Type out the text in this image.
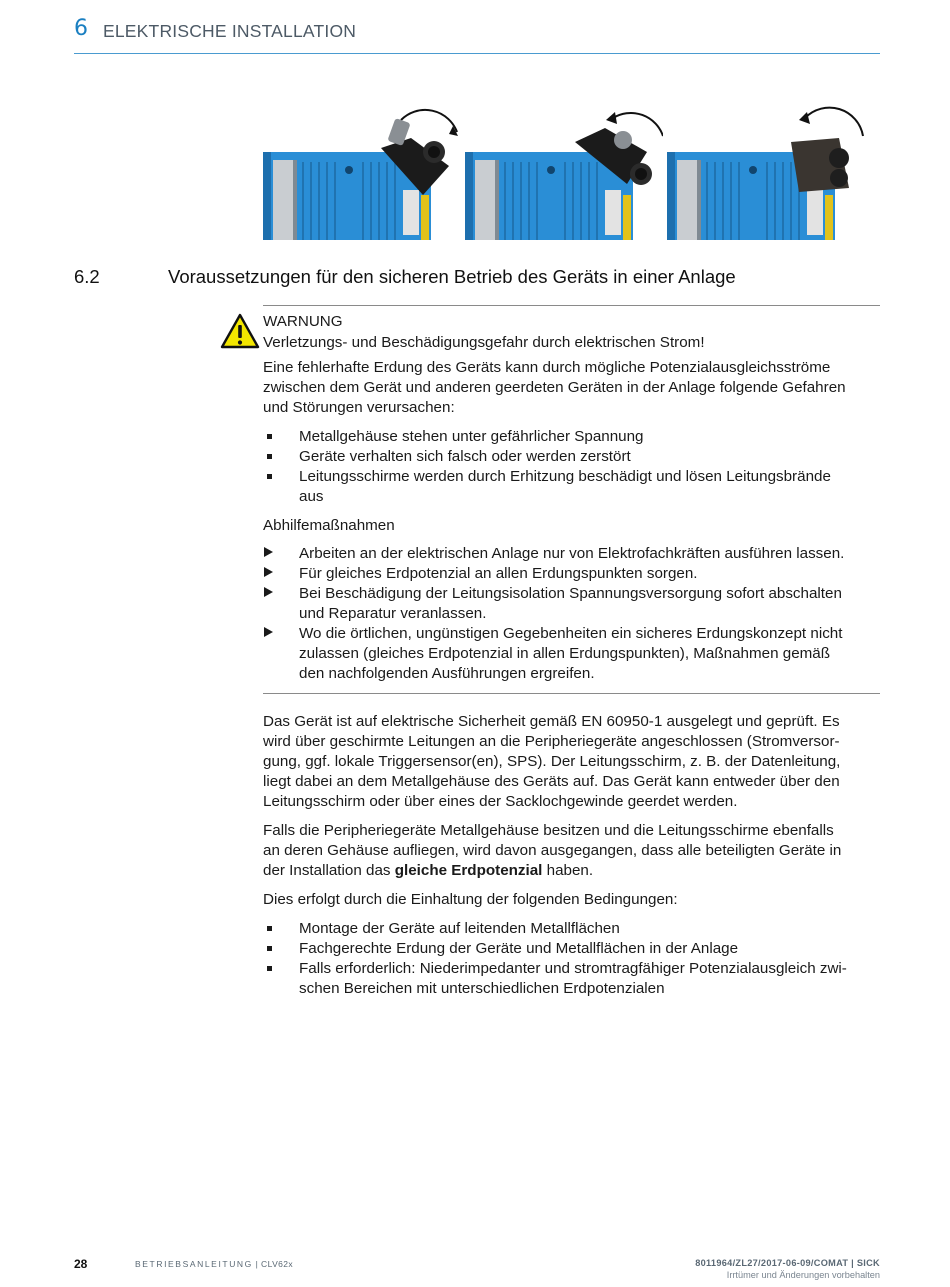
6 ELEKTRISCHE INSTALLATION
6.2	Voraussetzungen für den sicheren Betrieb des Geräts in einer Anlage
WARNUNG
Verletzungs- und Beschädigungsgefahr durch elektrischen Strom!
Eine fehlerhafte Erdung des Geräts kann durch mögliche Potenzialausgleichsströme
zwischen dem Gerät und anderen geerdeten Geräten in der Anlage folgende Gefahren
und Störungen verursachen:
Metallgehäuse stehen unter gefährlicher Spannung
Geräte verhalten sich falsch oder werden zerstört
Leitungsschirme werden durch Erhitzung beschädigt und lösen Leitungsbrände
aus
Abhilfemaßnahmen
Arbeiten an der elektrischen Anlage nur von Elektrofachkräften ausführen lassen.
Für gleiches Erdpotenzial an allen Erdungspunkten sorgen.
Bei Beschädigung der Leitungsisolation Spannungsversorgung sofort abschalten
und Reparatur veranlassen.
Wo die örtlichen, ungünstigen Gegebenheiten ein sicheres Erdungskonzept nicht
zulassen (gleiches Erdpotenzial in allen Erdungspunkten), Maßnahmen gemäß
den nachfolgenden Ausführungen ergreifen.
Das Gerät ist auf elektrische Sicherheit gemäß EN 60950-1 ausgelegt und geprüft. Es
wird über geschirmte Leitungen an die Peripheriegeräte angeschlossen (Stromversor-
gung, ggf. lokale Triggersensor(en), SPS). Der Leitungsschirm, z. B. der Datenleitung,
liegt dabei an dem Metallgehäuse des Geräts auf. Das Gerät kann entweder über den
Leitungsschirm oder über eines der Sacklochgewinde geerdet werden.
Falls die Peripheriegeräte Metallgehäuse besitzen und die Leitungsschirme ebenfalls
an deren Gehäuse aufliegen, wird davon ausgegangen, dass alle beteiligten Geräte in
der Installation das gleiche Erdpotenzial haben.
Dies erfolgt durch die Einhaltung der folgenden Bedingungen:
Montage der Geräte auf leitenden Metallflächen
Fachgerechte Erdung der Geräte und Metallflächen in der Anlage
Falls erforderlich: Niederimpedanter und stromtragfähiger Potenzialausgleich zwi-
schen Bereichen mit unterschiedlichen Erdpotenzialen
28	BETRIEBSANLEITUNG | CLV62x	8011964/ZL27/2017-06-09/COMAT | SICK
Irrtümer und Änderungen vorbehalten
